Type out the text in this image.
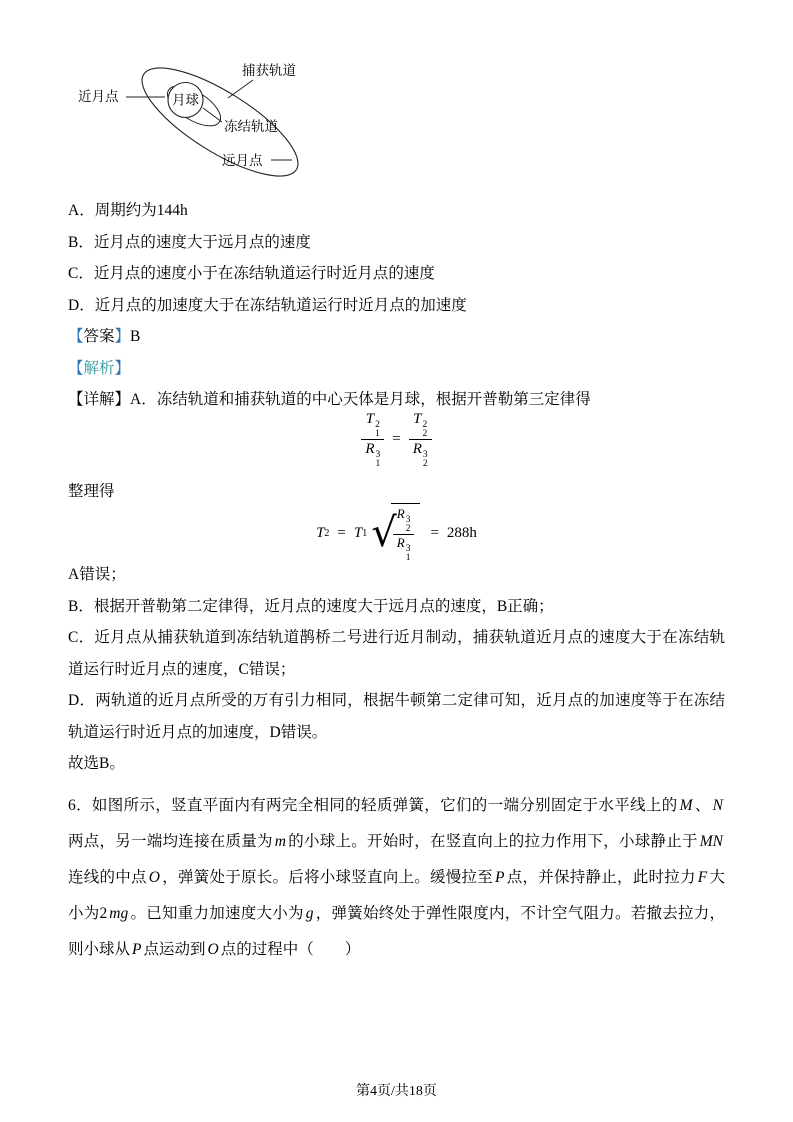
月球
近月点
捕获轨道
冻结轨道
远月点
A．周期约为144h
B．近月点的速度大于远月点的速度
C．近月点的速度小于在冻结轨道运行时近月点的速度
D．近月点的加速度大于在冻结轨道运行时近月点的加速度
【答案】B
【解析】
【详解】A．冻结轨道和捕获轨道的中心天体是月球，根据开普勒第三定律得
T 2
1
R 3
1 = T 2
2
R 3
2
整理得
T 2 = T 1 √
R 3
2
R 3
1 = 288h
A错误；
B．根据开普勒第二定律得，近月点的速度大于远月点的速度，B正确；
C．近月点从捕获轨道到冻结轨道鹊桥二号进行近月制动，捕获轨道近月点的速度大于在冻结轨道运行时近月点的速度，C错误；
D．两轨道的近月点所受的万有引力相同，根据牛顿第二定律可知，近月点的加速度等于在冻结轨道运行时近月点的加速度，D错误。
故选B。
6．如图所示，竖直平面内有两完全相同的轻质弹簧，它们的一端分别固定于水平线上的 M 、 N两点，另一端均连接在质量为 m 的小球上。开始时，在竖直向上的拉力作用下，小球静止于 MN连线的中点 O ，弹簧处于原长。后将小球竖直向上。缓慢拉至 P 点，并保持静止，此时拉力 F 大小为2 mg 。已知重力加速度大小为 g ，弹簧始终处于弹性限度内，不计空气阻力。若撤去拉力，则小球从 P 点运动到 O 点的过程中（　　）
第4页/共18页
